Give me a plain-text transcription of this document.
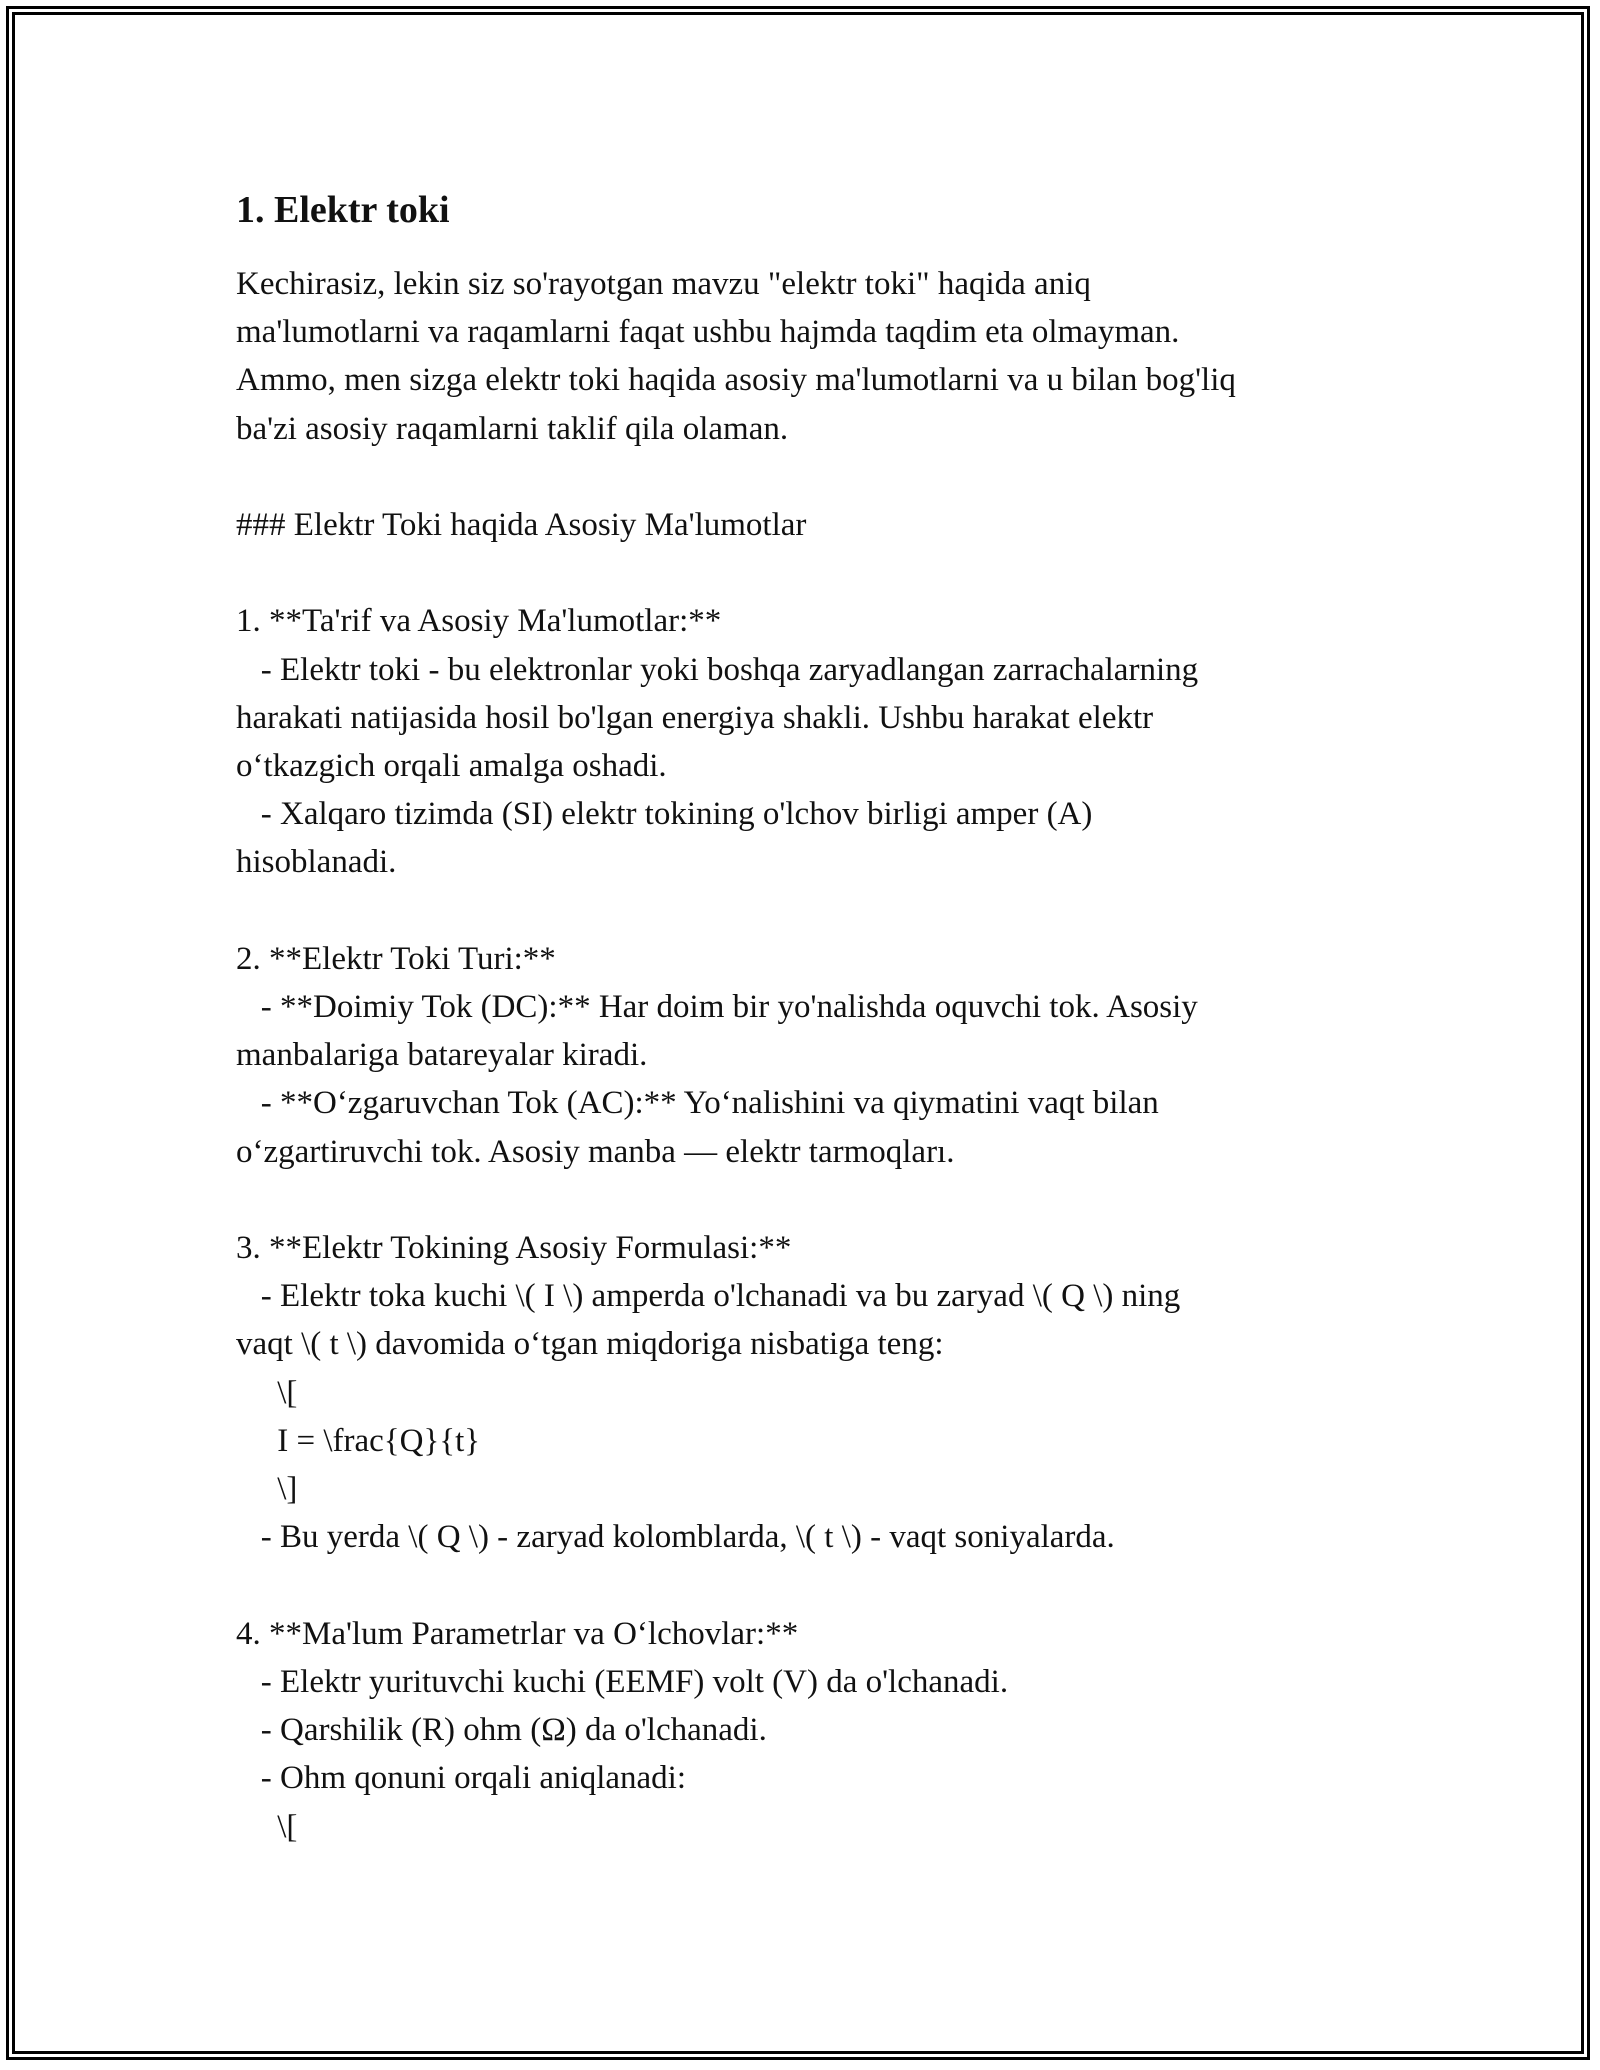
1. Elektr toki
Kechirasiz, lekin siz so'rayotgan mavzu "elektr toki" haqida aniq
ma'lumotlarni va raqamlarni faqat ushbu hajmda taqdim eta olmayman.
Ammo, men sizga elektr toki haqida asosiy ma'lumotlarni va u bilan bog'liq
ba'zi asosiy raqamlarni taklif qila olaman.

### Elektr Toki haqida Asosiy Ma'lumotlar

1. **Ta'rif va Asosiy Ma'lumotlar:**
- Elektr toki - bu elektronlar yoki boshqa zaryadlangan zarrachalarning
harakati natijasida hosil bo'lgan energiya shakli. Ushbu harakat elektr
o‘tkazgich orqali amalga oshadi.
- Xalqaro tizimda (SI) elektr tokining o'lchov birligi amper (A)
hisoblanadi.

2. **Elektr Toki Turi:**
- **Doimiy Tok (DC):** Har doim bir yo'nalishda oquvchi tok. Asosiy
manbalariga batareyalar kiradi.
- **O‘zgaruvchan Tok (AC):** Yo‘nalishini va qiymatini vaqt bilan
o‘zgartiruvchi tok. Asosiy manba — elektr tarmoqları.

3. **Elektr Tokining Asosiy Formulasi:**
- Elektr toka kuchi \( I \) amperda o'lchanadi va bu zaryad \( Q \) ning
vaqt \( t \) davomida o‘tgan miqdoriga nisbatiga teng:
\[
I = \frac{Q}{t}
\]
- Bu yerda \( Q \) - zaryad kolomblarda, \( t \) - vaqt soniyalarda.

4. **Ma'lum Parametrlar va O‘lchovlar:**
- Elektr yurituvchi kuchi (EEMF) volt (V) da o'lchanadi.
- Qarshilik (R) ohm (Ω) da o'lchanadi.
- Ohm qonuni orqali aniqlanadi:
\[
